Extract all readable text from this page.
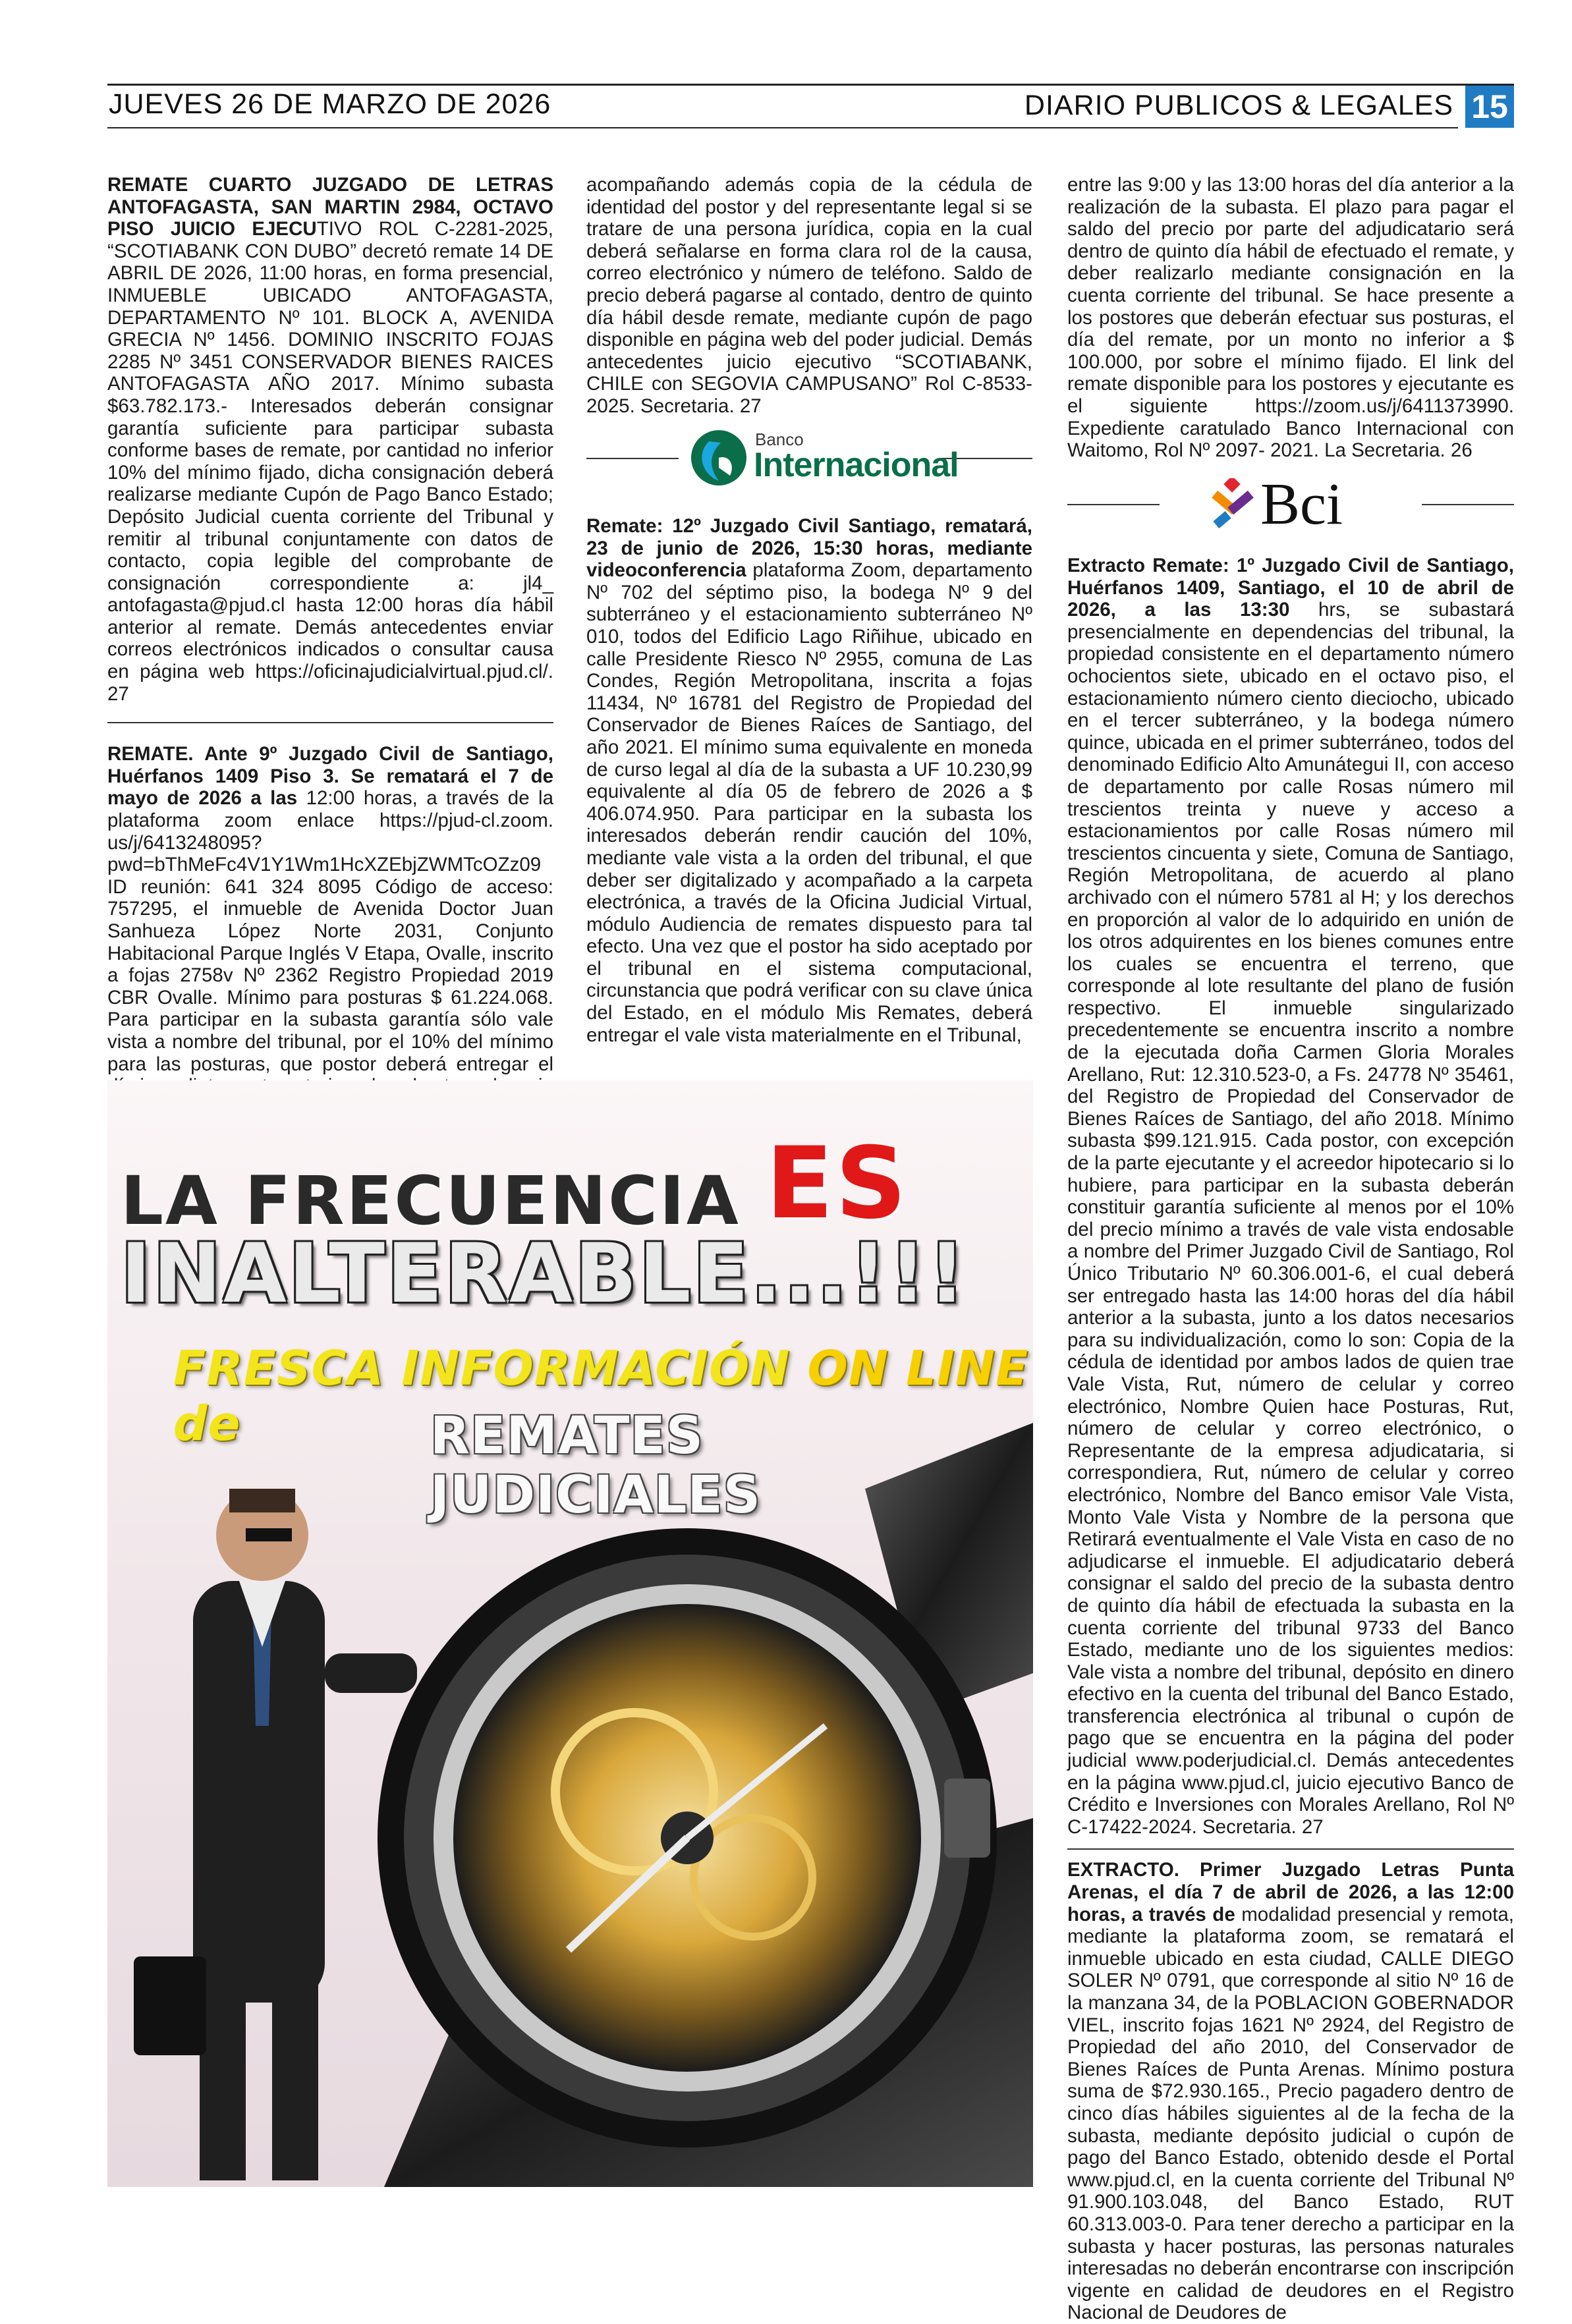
JUEVES 26 DE MARZO DE 2026	DIARIO PUBLICOS & LEGALES 15

REMATE CUARTO JUZGADO DE LETRAS ANTOFAGASTA, SAN MARTIN 2984, OCTAVO PISO JUICIO EJECUTIVO ROL C-2281-2025, “SCOTIABANK CON DUBO” decretó remate 14 DE ABRIL DE 2026, 11:00 horas, en forma presencial, INMUEBLE UBICADO ANTOFAGASTA, DEPARTAMENTO Nº 101. BLOCK A, AVENIDA GRECIA Nº 1456. DOMINIO INSCRITO FOJAS 2285 Nº 3451 CONSERVADOR BIENES RAICES ANTOFAGASTA AÑO 2017. Mínimo subasta $63.782.173.- Interesados deberán consignar garantía suficiente para participar subasta conforme bases de remate, por cantidad no inferior 10% del mínimo fijado, dicha consignación deberá realizarse mediante Cupón de Pago Banco Estado; Depósito Judicial cuenta corriente del Tribunal y remitir al tribunal conjuntamente con datos de contacto, copia legible del comprobante de consignación correspondiente a: jl4_ antofagasta@pjud.cl hasta 12:00 horas día hábil anterior al remate. Demás antecedentes enviar correos electrónicos indicados o consultar causa en página web https://oficinajudicialvirtual.pjud.cl/. 27

REMATE. Ante 9º Juzgado Civil de Santiago, Huérfanos 1409 Piso 3. Se rematará el 7 de mayo de 2026 a las 12:00 horas, a través de la plataforma zoom enlace https://pjud-cl.zoom. us/j/6413248095?pwd=bThMeFc4V1Y1Wm1HcXZEbjZWMTcOZz09 ID reunión: 641 324 8095 Código de acceso: 757295, el inmueble de Avenida Doctor Juan Sanhueza López Norte 2031, Conjunto Habitacional Parque Inglés V Etapa, Ovalle, inscrito a fojas 2758v Nº 2362 Registro Propiedad 2019 CBR Ovalle. Mínimo para posturas $ 61.224.068. Para participar en la subasta garantía sólo vale vista a nombre del tribunal, por el 10% del mínimo para las posturas, que postor deberá entregar el

acompañando además copia de la cédula de identidad del postor y del representante legal si se tratare de una persona jurídica, copia en la cual deberá señalarse en forma clara rol de la causa, correo electrónico y número de teléfono. Saldo de precio deberá pagarse al contado, dentro de quinto día hábil desde remate, mediante cupón de pago disponible en página web del poder judicial. Demás antecedentes juicio ejecutivo “SCOTIABANK, CHILE con SEGOVIA CAMPUSANO” Rol C-8533-2025. Secretaria. 27

Banco
Internacional

Remate: 12º Juzgado Civil Santiago, rematará, 23 de junio de 2026, 15:30 horas, mediante videoconferencia plataforma Zoom, departamento Nº 702 del séptimo piso, la bodega Nº 9 del subterráneo y el estacionamiento subterráneo Nº 010, todos del Edificio Lago Riñihue, ubicado en calle Presidente Riesco Nº 2955, comuna de Las Condes, Región Metropolitana, inscrita a fojas 11434, Nº 16781 del Registro de Propiedad del Conservador de Bienes Raíces de Santiago, del año 2021. El mínimo suma equivalente en moneda de curso legal al día de la subasta a UF 10.230,99 equivalente al día 05 de febrero de 2026 a $ 406.074.950. Para participar en la subasta los interesados deberán rendir caución del 10%, mediante vale vista a la orden del tribunal, el que deber ser digitalizado y acompañado a la carpeta electrónica, a través de la Oficina Judicial Virtual, módulo Audiencia de remates dispuesto para tal efecto. Una vez que el postor ha sido aceptado por el tribunal en el sistema computacional, circunstancia que podrá verificar con su clave única del Estado, en el módulo Mis Remates, deberá entregar el vale vista materialmente en el Tribunal,

entre las 9:00 y las 13:00 horas del día anterior a la realización de la subasta. El plazo para pagar el saldo del precio por parte del adjudicatario será dentro de quinto día hábil de efectuado el remate, y deber realizarlo mediante consignación en la cuenta corriente del tribunal. Se hace presente a los postores que deberán efectuar sus posturas, el día del remate, por un monto no inferior a $ 100.000, por sobre el mínimo fijado. El link del remate disponible para los postores y ejecutante es el siguiente https://zoom.us/j/6411373990. Expediente caratulado Banco Internacional con Waitomo, Rol Nº 2097- 2021. La Secretaria. 26

Bci

Extracto Remate: 1º Juzgado Civil de Santiago, Huérfanos 1409, Santiago, el 10 de abril de 2026, a las 13:30 hrs, se subastará presencialmente en dependencias del tribunal, la propiedad consistente en el departamento número ochocientos siete, ubicado en el octavo piso, el estacionamiento número ciento dieciocho, ubicado en el tercer subterráneo, y la bodega número quince, ubicada en el primer subterráneo, todos del denominado Edificio Alto Amunátegui II, con acceso de departamento por calle Rosas número mil trescientos treinta y nueve y acceso a estacionamientos por calle Rosas número mil trescientos cincuenta y siete, Comuna de Santiago, Región Metropolitana, de acuerdo al plano archivado con el número 5781 al H; y los derechos en proporción al valor de lo adquirido en unión de los otros adquirentes en los bienes comunes entre los cuales se encuentra el terreno, que corresponde al lote resultante del plano de fusión respectivo. El inmueble singularizado precedentemente se encuentra inscrito a nombre de la ejecutada doña Carmen Gloria Morales Arellano, Rut: 12.310.523-0, a Fs. 24778 Nº 35461, del Registro de Propiedad del Conservador de Bienes Raíces de Santiago, del año 2018. Mínimo subasta $99.121.915. Cada postor, con excepción de la parte ejecutante y el acreedor hipotecario si lo hubiere, para participar en la subasta deberán constituir garantía suficiente al menos por el 10% del precio mínimo a través de vale vista endosable a nombre del Primer Juzgado Civil de Santiago, Rol Único Tributario Nº 60.306.001-6, el cual deberá ser entregado hasta las 14:00 horas del día hábil anterior a la subasta, junto a los datos necesarios para su individualización, como lo son: Copia de la cédula de identidad por ambos lados de quien trae Vale Vista, Rut, número de celular y correo electrónico, Nombre Quien hace Posturas, Rut, número de celular y correo electrónico, o Representante de la empresa adjudicataria, si correspondiera, Rut, número de celular y correo electrónico, Nombre del Banco emisor Vale Vista, Monto Vale Vista y Nombre de la persona que Retirará eventualmente el Vale Vista en caso de no adjudicarse el inmueble. El adjudicatario deberá consignar el saldo del precio de la subasta dentro de quinto día hábil de efectuada la subasta en la cuenta corriente del tribunal 9733 del Banco Estado, mediante uno de los siguientes medios: Vale vista a nombre del tribunal, depósito en dinero efectivo en la cuenta del tribunal del Banco Estado, transferencia electrónica al tribunal o cupón de pago que se encuentra en la página del poder judicial www.poderjudicial.cl. Demás antecedentes en la página www.pjud.cl, juicio ejecutivo Banco de Crédito e Inversiones con Morales Arellano, Rol Nº C-17422-2024. Secretaria. 27

EXTRACTO. Primer Juzgado Letras Punta Arenas, el día 7 de abril de 2026, a las 12:00 horas, a través de modalidad presencial y remota, mediante la plataforma zoom, se rematará el inmueble ubicado en esta ciudad, CALLE DIEGO SOLER Nº 0791, que corresponde al sitio Nº 16 de la manzana 34, de la POBLACION GOBERNADOR VIEL, inscrito fojas 1621 Nº 2924, del Registro de Propiedad del año 2010, del Conservador de Bienes Raíces de Punta Arenas. Mínimo postura suma de $72.930.165., Precio pagadero dentro de cinco días hábiles siguientes al de la fecha de la subasta, mediante depósito judicial o cupón de pago del Banco Estado, obtenido desde el Portal www.pjud.cl, en la cuenta corriente del Tribunal Nº 91.900.103.048, del Banco Estado, RUT 60.313.003-0. Para tener derecho a participar en la subasta y hacer posturas, las personas naturales interesadas no deberán encontrarse con inscripción vigente en calidad de deudores en el Registro Nacional de Deudores de

LA FRECUENCIA ES
INALTERABLE...!!!
FRESCA INFORMACIÓN ON LINE de	REMATES JUDICIALES
